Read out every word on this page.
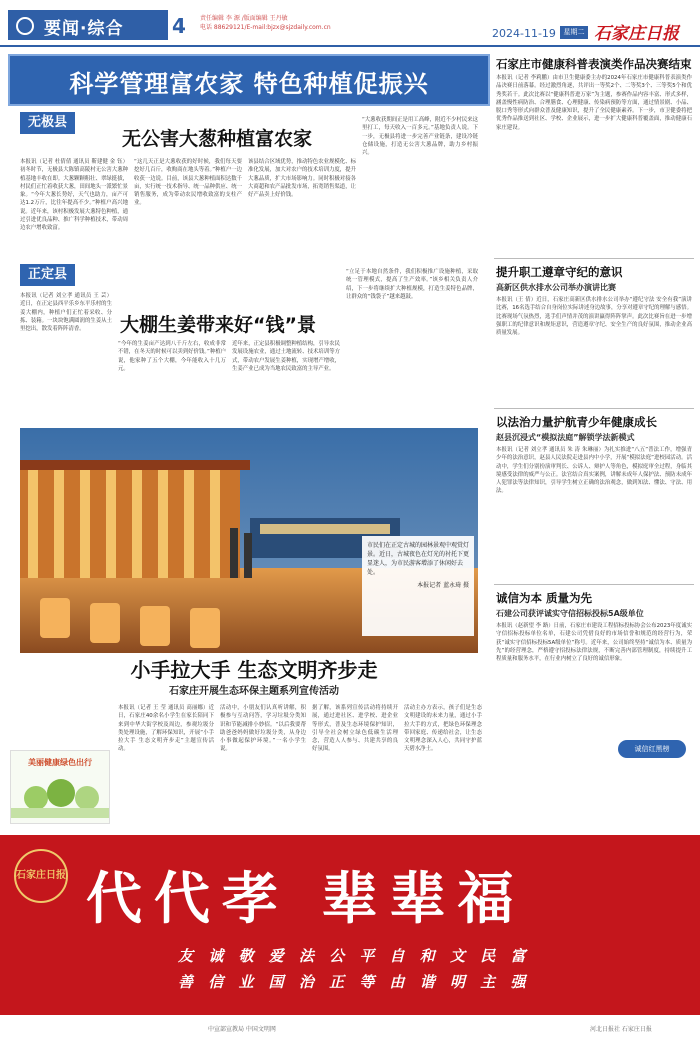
要闻·综合 4 责任编辑 李 源 /版面编辑 王丹敏
电话 88629121/E-mail:bjzx@sjzdaily.com.cn	2024-11-19	星期二 石家庄日报
科学管理富农家 特色种植促振兴
无极县
无公害大葱种植富农家
本报讯（记者 杜倩倩 通讯员 靳建健 金 钰）初冬时节，无极县大陈镇高陵村无公害大葱种植基地丰收在即。大葱颗颗粗壮、翠绿挺拔，村民们正忙着收获大葱，田间地头一派繁忙景象。“今年大葱长势好，天气也助力，亩产可达1.2万斤，比往年提高不少。”种植户高兴地说。近年来，该村积极发展大葱特色种植，通过引进优良品种、推广科学种植技术，带动周边农户增收致富。
“这几天正是大葱收获的好时候，我们每天要挖好几百斤，收购商在地头等着。”种植户一边收获一边说。目前，该县大葱种植面积达数千亩，实行统一技术指导、统一品种供应、统一销售服务，成为带动农民增收致富的支柱产业。
该县结合区域优势，推动特色农业规模化、标准化发展，加大对农户的技术培训力度，提升大葱品质，扩大市场影响力。同时积极对接各大商超和农产品批发市场，拓宽销售渠道，让好产品卖上好价钱。
“大葱收获期间正是用工高峰，附近不少村民来这里打工，每天收入一百多元。”基地负责人说。下一步，无极县将进一步完善产业链条，建设冷链仓储设施，打造无公害大葱品牌，助力乡村振兴。
正定县
大棚生姜带来好“钱”景
本报讯（记者 刘立孝 通讯员 王 芸）近日，在正定县西平乐乡东平乐村的生姜大棚内，种植户们正忙着采收、分拣、装箱。一块块饱满圆润的生姜从土里挖出，散发着阵阵清香。
“今年的生姜亩产达到八千斤左右，收成非常不错，在冬天的时候可以卖到好价钱。”种植户说，他家种了五个大棚，今年能收入十几万元。
近年来，正定县积极调整种植结构，引导农民发展设施农业，通过土地流转、技术培训等方式，带动农户发展生姜种植，实现增产增收，生姜产业已成为当地农民致富的主导产业。
“立足于本地自然条件，我们积极推广设施种植，采取统一管理模式，提高了生产效率。”该乡相关负责人介绍，下一步将继续扩大种植规模，打造生姜特色品牌，让群众的“钱袋子”越来越鼓。
市民们在正定古城的园林景观中观赏灯景。近日，古城夜色在灯光的衬托下更显迷人，为市民游客增添了休闲好去处。
本报记者 蓝永琦 摄
小手拉大手 生态文明齐步走
石家庄开展生态环保主题系列宣传活动
美丽健康绿色出行
本报讯（记者 王 莹 通讯员 高丽娜）近日，石家庄40余名小学生在家长陪同下来到中华大街学校及周边，参观垃圾分类处理设施，了解环保知识，开展“小手拉大手 生态文明齐步走”主题宣传活动。
活动中，小朋友们认真听讲解，积极参与互动问答，学习垃圾分类知识和节能减排小妙招。“以后我要帮助爸爸妈妈做好垃圾分类，从身边小事做起保护环境。”一名小学生说。
据了解，该系列宣传活动将持续开展，通过进社区、进学校、进企业等形式，普及生态环境保护知识，引导全社会树立绿色低碳生活理念，营造人人参与、共建共享的良好氛围。
活动主办方表示，孩子们是生态文明建设的未来力量，通过小手拉大手的方式，把绿色环保理念带回家庭、传递给社会，让生态文明理念深入人心，共同守护蓝天碧水净土。
石家庄市健康科普表演类作品决赛结束
本报讯（记者 李莉鹏）由市卫生健康委主办的2024年石家庄市健康科普表演类作品决赛日前落幕。经过激烈角逐，共评出一等奖2个、二等奖3个、三等奖5个和优秀奖若干。此次比赛以“健康科普进万家”为主题，参赛作品内容丰富、形式多样，涵盖慢性病防治、合理膳食、心理健康、传染病预防等方面，通过情景剧、小品、脱口秀等形式向群众普及健康知识，提升了全民健康素养。下一步，市卫健委将把优秀作品推送到社区、学校、企业展示，进一步扩大健康科普覆盖面，推动健康石家庄建设。
提升职工遵章守纪的意识
高新区供水排水公司举办演讲比赛
本报讯（王 倩）近日，石家庄高新区供水排水公司举办“遵纪守法 安全有我”演讲比赛，16名选手结合自身岗位实际讲述身边故事，分享对遵章守纪的理解与感悟。比赛现场气氛热烈，选手们声情并茂的演讲赢得阵阵掌声。此次比赛旨在进一步增强职工的纪律意识和规矩意识，营造遵章守纪、安全生产的良好氛围，推动企业高质量发展。
以法治力量护航青少年健康成长
赵县沉浸式“模拟法庭”解锁学法新模式
本报讯（记者 刘立孝 通讯员 朱 涛 朱琳丽）为扎实推进“八五”普法工作，增强青少年的法治意识，赵县人民法院走进县内中小学，开展“模拟法庭”进校园活动。活动中，学生们分别扮演审判长、公诉人、辩护人等角色，模拟庭审全过程，身临其境感受法律的威严与公正。法官结合真实案例，讲解未成年人保护法、预防未成年人犯罪法等法律知识，引导学生树立正确的法治观念，做到知法、懂法、守法、用法。
诚信为本 质量为先
石建公司获评诚实守信招标投标5A级单位
本报讯（赵新望 李 路）日前，石家庄市建设工程招标投标协会公布2023年度诚实守信招标投标单位名单，石建公司凭借良好的市场信誉和规范的经营行为，荣获“诚实守信招标投标5A级单位”称号。近年来，公司始终坚持“诚信为本、质量为先”的经营理念，严格遵守招投标法律法规，不断完善内部管理制度，持续提升工程质量和服务水平，在行业内树立了良好的诚信形象。
诚信红黑榜
石家庄日报 代代孝 辈辈福
友 诚 敬 爱 法 公 平 自 和 文 民 富
善 信 业 国 治 正 等 由 谐 明 主 强
中宣部宣教局 中国文明网	河北日报社 石家庄日报
